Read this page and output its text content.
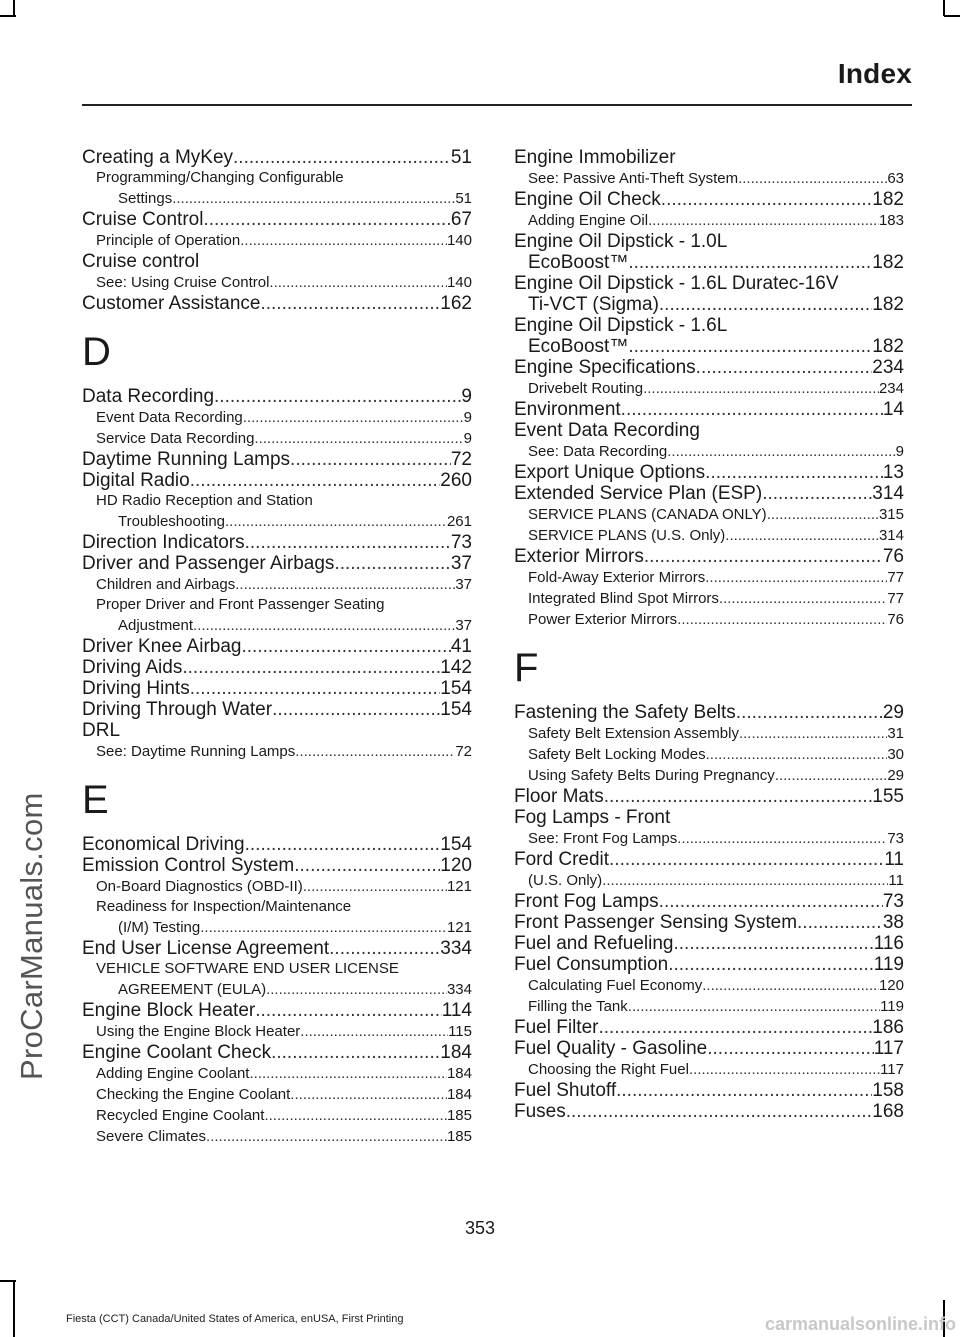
ProCarManuals.com
Index
Creating a MyKey .....	51
Programming/Changing Configurable
Settings .....	51
Cruise Control .....	67
Principle of Operation .....	140
Cruise control
See: Using Cruise Control .....	140
Customer Assistance .....	162
D
Data Recording .....	9
Event Data Recording .....	9
Service Data Recording .....	9
Daytime Running Lamps .....	72
Digital Radio .....	260
HD Radio Reception and Station
Troubleshooting .....	261
Direction Indicators .....	73
Driver and Passenger Airbags .....	37
Children and Airbags .....	37
Proper Driver and Front Passenger Seating
Adjustment .....	37
Driver Knee Airbag .....	41
Driving Aids .....	142
Driving Hints .....	154
Driving Through Water .....	154
DRL
See: Daytime Running Lamps .....	72
E
Economical Driving .....	154
Emission Control System .....	120
On-Board Diagnostics (OBD-II) .....	121
Readiness for Inspection/Maintenance
(I/M) Testing .....	121
End User License Agreement .....	334
VEHICLE SOFTWARE END USER LICENSE
AGREEMENT (EULA) .....	334
Engine Block Heater .....	114
Using the Engine Block Heater .....	115
Engine Coolant Check .....	184
Adding Engine Coolant .....	184
Checking the Engine Coolant .....	184
Recycled Engine Coolant .....	185
Severe Climates .....	185
Engine Immobilizer
See: Passive Anti-Theft System .....	63
Engine Oil Check .....	182
Adding Engine Oil .....	183
Engine Oil Dipstick - 1.0L
EcoBoost™ .....	182
Engine Oil Dipstick - 1.6L Duratec-16V
Ti-VCT (Sigma) .....	182
Engine Oil Dipstick - 1.6L
EcoBoost™ .....	182
Engine Specifications .....	234
Drivebelt Routing .....	234
Environment .....	14
Event Data Recording
See: Data Recording .....	9
Export Unique Options .....	13
Extended Service Plan (ESP) .....	314
SERVICE PLANS (CANADA ONLY) .....	315
SERVICE PLANS (U.S. Only) .....	314
Exterior Mirrors .....	76
Fold-Away Exterior Mirrors .....	77
Integrated Blind Spot Mirrors .....	77
Power Exterior Mirrors .....	76
F
Fastening the Safety Belts .....	29
Safety Belt Extension Assembly .....	31
Safety Belt Locking Modes .....	30
Using Safety Belts During Pregnancy .....	29
Floor Mats .....	155
Fog Lamps - Front
See: Front Fog Lamps .....	73
Ford Credit .....	11
(U.S. Only) .....	11
Front Fog Lamps .....	73
Front Passenger Sensing System .....	38
Fuel and Refueling .....	116
Fuel Consumption .....	119
Calculating Fuel Economy .....	120
Filling the Tank .....	119
Fuel Filter .....	186
Fuel Quality - Gasoline .....	117
Choosing the Right Fuel .....	117
Fuel Shutoff .....	158
Fuses .....	168
353
Fiesta (CCT) Canada/United States of America, enUSA, First Printing	carmanualsonline.info
